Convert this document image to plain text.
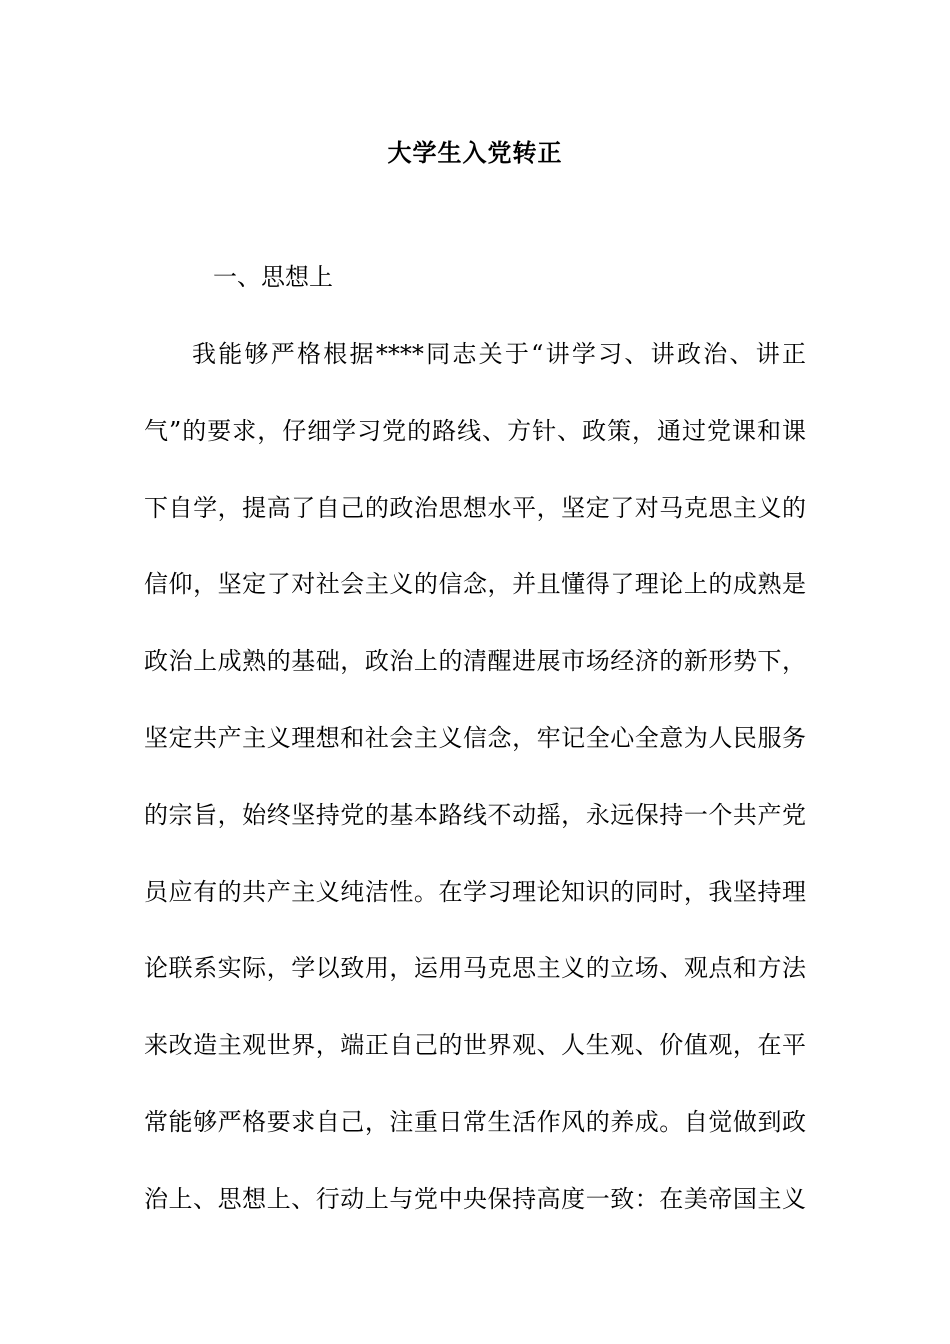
大学生入党转正
一、思想上
我能够严格根据****同志关于“讲学习、讲政治、讲正
气”的要求，仔细学习党的路线、方针、政策，通过党课和课
下自学，提高了自己的政治思想水平，坚定了对马克思主义的
信仰，坚定了对社会主义的信念，并且懂得了理论上的成熟是
政治上成熟的基础，政治上的清醒进展市场经济的新形势下，
坚定共产主义理想和社会主义信念，牢记全心全意为人民服务
的宗旨，始终坚持党的基本路线不动摇，永远保持一个共产党
员应有的共产主义纯洁性。在学习理论知识的同时，我坚持理
论联系实际，学以致用，运用马克思主义的立场、观点和方法
来改造主观世界，端正自己的世界观、人生观、价值观，在平
常能够严格要求自己，注重日常生活作风的养成。自觉做到政
治上、思想上、行动上与党中央保持高度一致：在美帝国主义
